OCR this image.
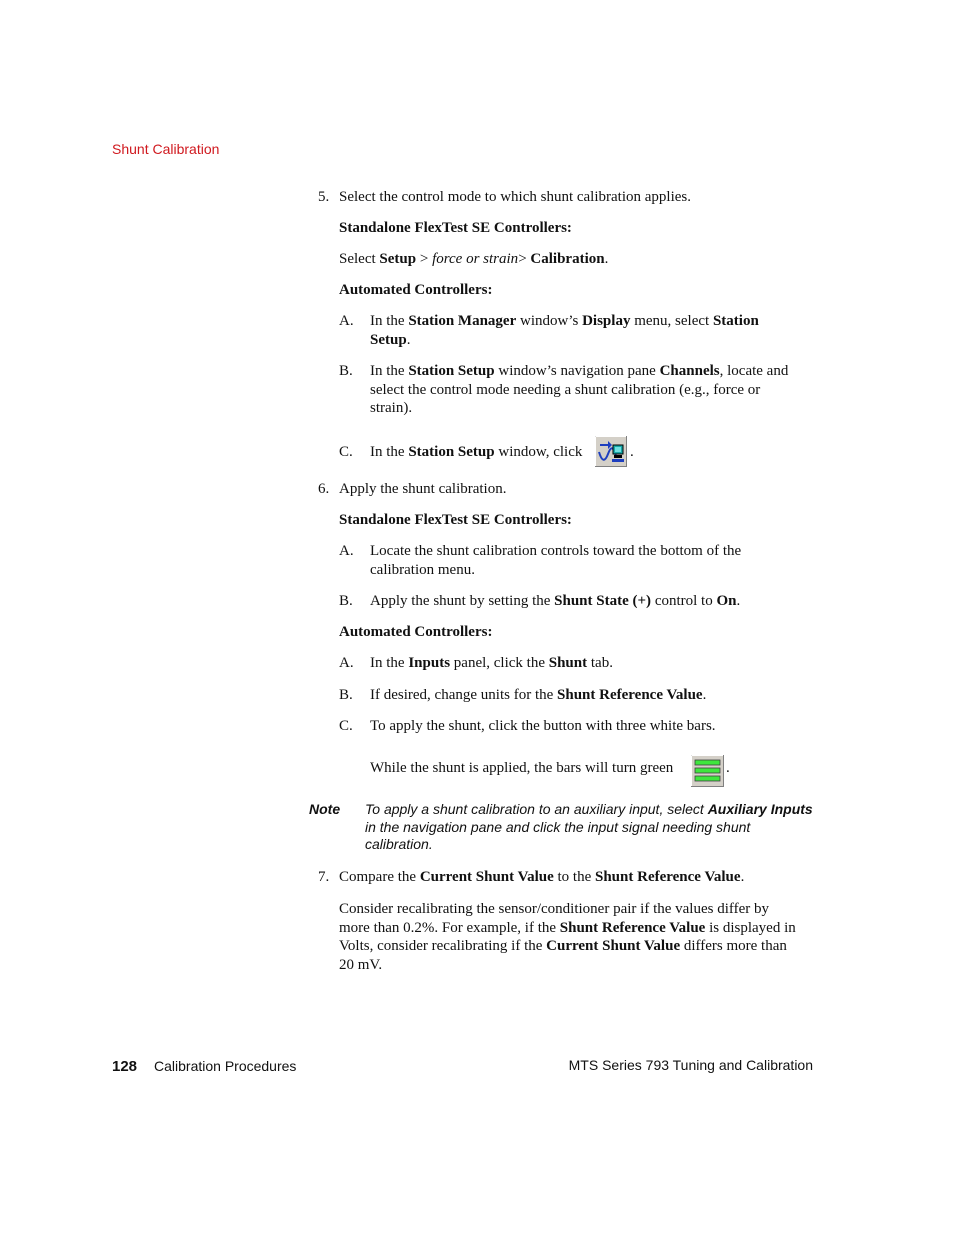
Shunt Calibration
5. Select the control mode to which shunt calibration applies.
Standalone FlexTest SE Controllers:
Select Setup > force or strain> Calibration.
Automated Controllers:
A. In the Station Manager window’s Display menu, select Station
Setup.
B. In the Station Setup window’s navigation pane Channels, locate and
select the control mode needing a shunt calibration (e.g., force or
strain).
C. In the Station Setup window, click	.
6. Apply the shunt calibration.
Standalone FlexTest SE Controllers:
A. Locate the shunt calibration controls toward the bottom of the
calibration menu.
B. Apply the shunt by setting the Shunt State (+) control to On.
Automated Controllers:
A. In the Inputs panel, click the Shunt tab.
B. If desired, change units for the Shunt Reference Value.
C. To apply the shunt, click the button with three white bars.
While the shunt is applied, the bars will turn green	.
Note To apply a shunt calibration to an auxiliary input, select Auxiliary Inputs
in the navigation pane and click the input signal needing shunt
calibration.
7. Compare the Current Shunt Value to the Shunt Reference Value.
Consider recalibrating the sensor/conditioner pair if the values differ by
more than 0.2%. For example, if the Shunt Reference Value is displayed in
Volts, consider recalibrating if the Current Shunt Value differs more than
20 mV.
128 Calibration Procedures	MTS Series 793 Tuning and Calibration
